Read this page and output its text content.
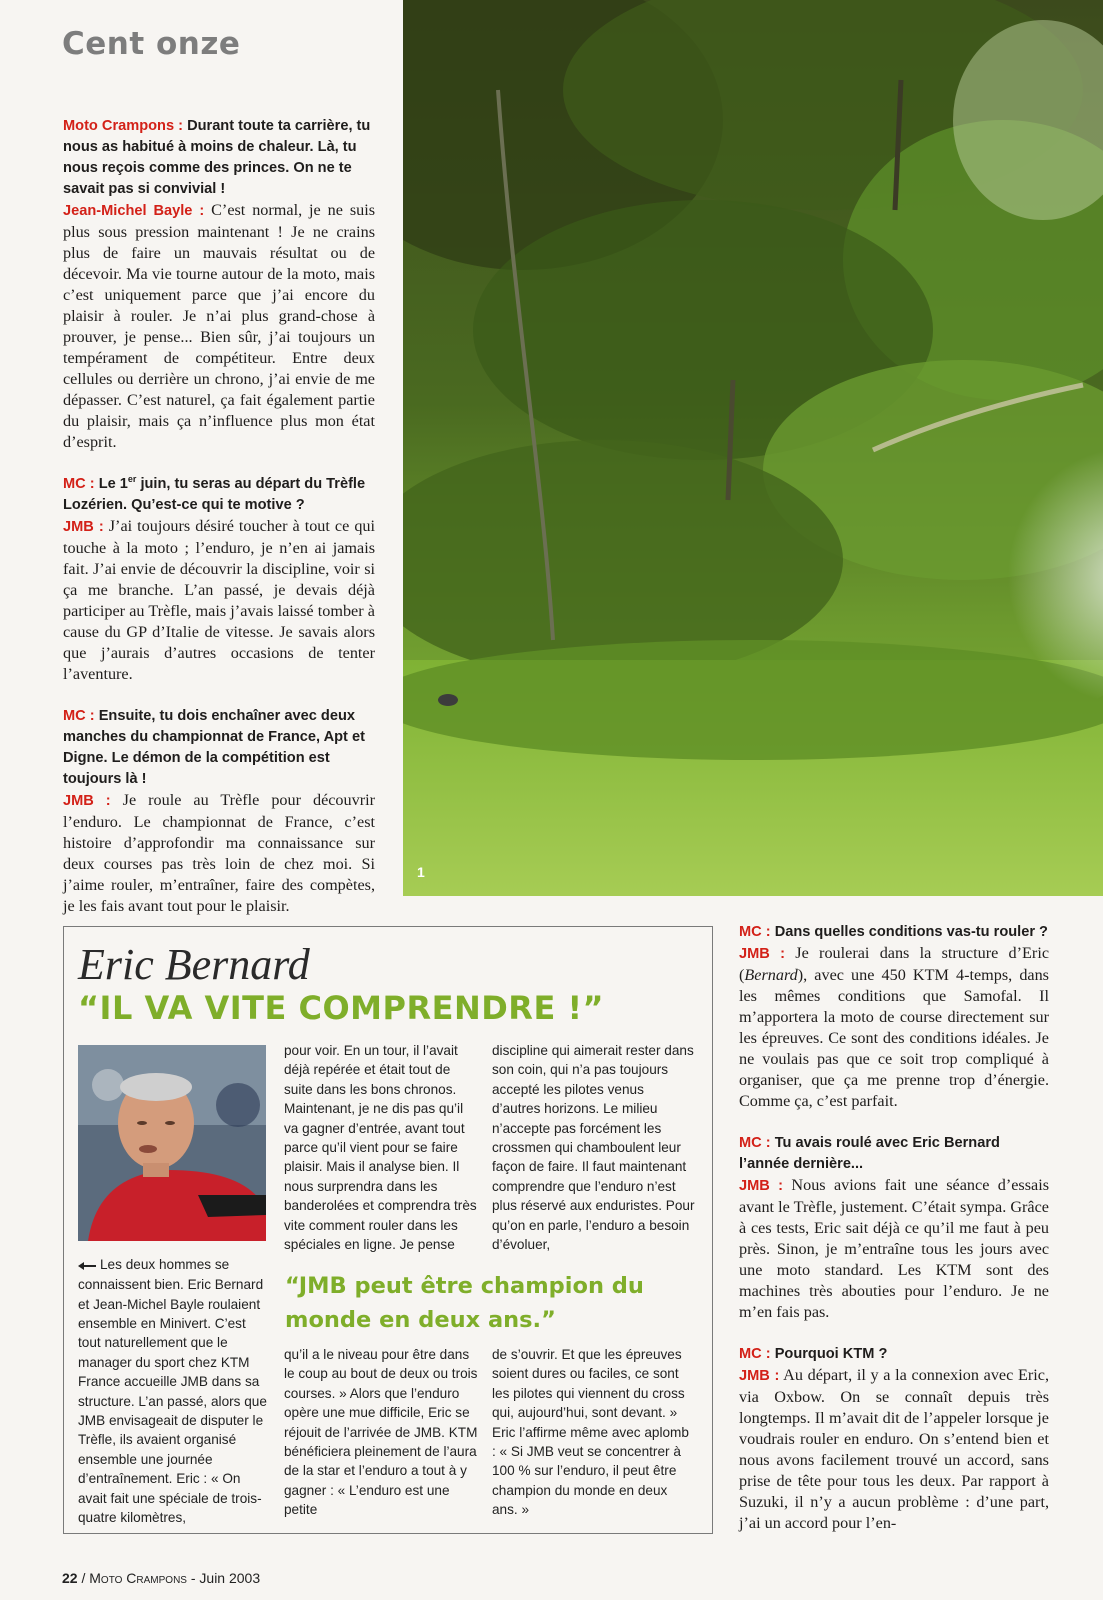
Cent onze

Moto Crampons : Durant toute ta carrière, tu nous as habitué à moins de chaleur. Là, tu nous reçois comme des princes. On ne te savait pas si convivial !

Jean-Michel Bayle : C’est normal, je ne suis plus sous pression maintenant ! Je ne crains plus de faire un mauvais résultat ou de décevoir. Ma vie tourne autour de la moto, mais c’est uniquement parce que j’ai encore du plaisir à rouler. Je n’ai plus grand-chose à prouver, je pense... Bien sûr, j’ai toujours un tempérament de compétiteur. Entre deux cellules ou derrière un chrono, j’ai envie de me dépasser. C’est naturel, ça fait également partie du plaisir, mais ça n’influence plus mon état d’esprit.

MC : Le 1er juin, tu seras au départ du Trèfle Lozérien. Qu’est-ce qui te motive ?

JMB : J’ai toujours désiré toucher à tout ce qui touche à la moto ; l’enduro, je n’en ai jamais fait. J’ai envie de découvrir la discipline, voir si ça me branche. L’an passé, je devais déjà participer au Trèfle, mais j’avais laissé tomber à cause du GP d’Italie de vitesse. Je savais alors que j’aurais d’autres occasions de tenter l’aventure.

MC : Ensuite, tu dois enchaîner avec deux manches du championnat de France, Apt et Digne. Le démon de la compétition est toujours là !

JMB : Je roule au Trèfle pour découvrir l’enduro. Le championnat de France, c’est histoire d’approfondir ma connaissance sur deux courses pas très loin de chez moi. Si j’aime rouler, m’entraîner, faire des compètes, je les fais avant tout pour le plaisir.

1
Eric Bernard
“IL VA VITE COMPRENDRE !”

Les deux hommes se connaissent bien. Eric Bernard et Jean-Michel Bayle roulaient ensemble en Minivert. C’est tout naturellement que le manager du sport chez KTM France accueille JMB dans sa structure. L’an passé, alors que JMB envisageait de disputer le Trèfle, ils avaient organisé ensemble une journée d’entraînement. Eric : « On avait fait une spéciale de trois-quatre kilomètres,

pour voir. En un tour, il l’avait déjà repérée et était tout de suite dans les bons chronos. Maintenant, je ne dis pas qu’il va gagner d’entrée, avant tout parce qu’il vient pour se faire plaisir. Mais il analyse bien. Il nous surprendra dans les banderolées et comprendra très vite comment rouler dans les spéciales en ligne. Je pense

discipline qui aimerait rester dans son coin, qui n’a pas toujours accepté les pilotes venus d’autres horizons. Le milieu n’accepte pas forcément les crossmen qui chamboulent leur façon de faire. Il faut maintenant comprendre que l’enduro n’est plus réservé aux enduristes. Pour qu’on en parle, l’enduro a besoin d’évoluer,

“JMB peut être champion du monde en deux ans.”

qu’il a le niveau pour être dans le coup au bout de deux ou trois courses. » Alors que l’enduro opère une mue difficile, Eric se réjouit de l’arrivée de JMB. KTM bénéficiera pleinement de l’aura de la star et l’enduro a tout à y gagner : « L’enduro est une petite

de s’ouvrir. Et que les épreuves soient dures ou faciles, ce sont les pilotes qui viennent du cross qui, aujourd’hui, sont devant. » Eric l’affirme même avec aplomb : « Si JMB veut se concentrer à 100 % sur l’enduro, il peut être champion du monde en deux ans. »

MC : Dans quelles conditions vas-tu rouler ?

JMB : Je roulerai dans la structure d’Eric (Bernard), avec une 450 KTM 4-temps, dans les mêmes conditions que Samofal. Il m’apportera la moto de course directement sur les épreuves. Ce sont des conditions idéales. Je ne voulais pas que ce soit trop compliqué à organiser, que ça me prenne trop d’énergie. Comme ça, c’est parfait.

MC : Tu avais roulé avec Eric Bernard l’année dernière...

JMB : Nous avions fait une séance d’essais avant le Trèfle, justement. C’était sympa. Grâce à ces tests, Eric sait déjà ce qu’il me faut à peu près. Sinon, je m’entraîne tous les jours avec une moto standard. Les KTM sont des machines très abouties pour l’enduro. Je ne m’en fais pas.

MC : Pourquoi KTM ?

JMB : Au départ, il y a la connexion avec Eric, via Oxbow. On se connaît depuis très longtemps. Il m’avait dit de l’appeler lorsque je voudrais rouler en enduro. On s’entend bien et nous avons facilement trouvé un accord, sans prise de tête pour tous les deux. Par rapport à Suzuki, il n’y a aucun problème : d’une part, j’ai un accord pour l’en-

22 / Moto Crampons - Juin 2003
